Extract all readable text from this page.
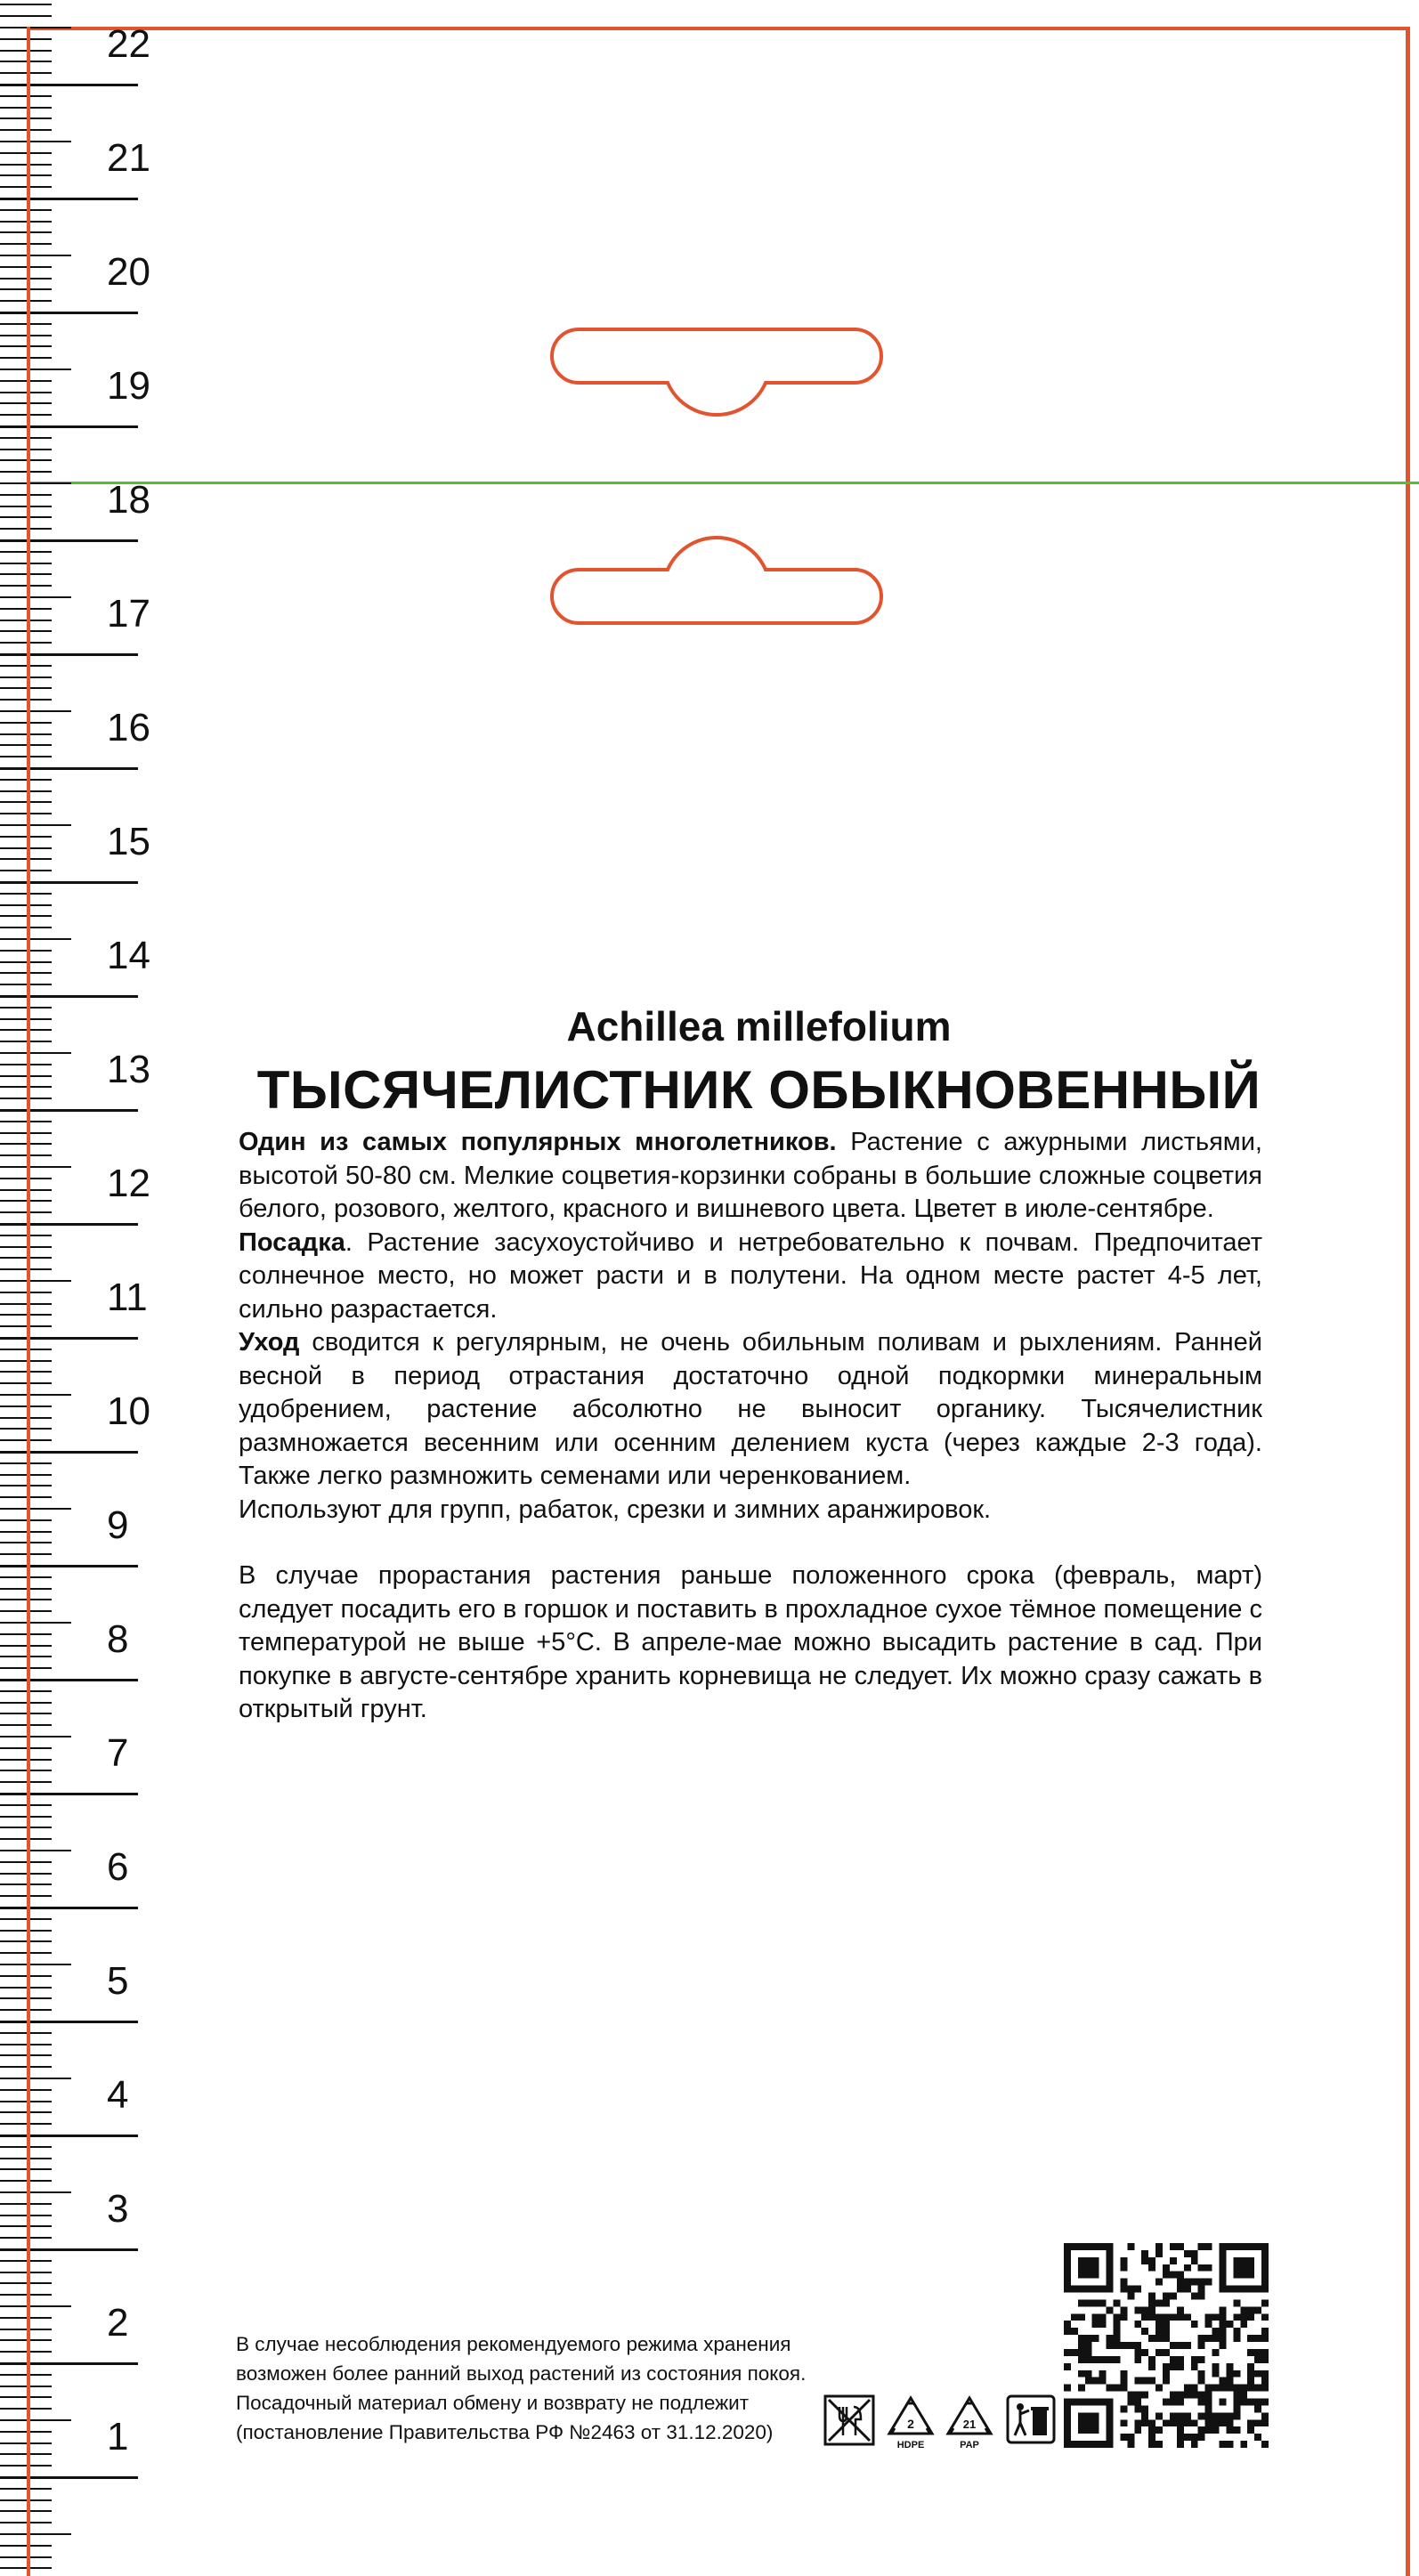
22
21
20
19
18
17
16
15
14
13
12
11
10
9
8
7
6
5
4
3
2
1
Achillea millefolium
ТЫСЯЧЕЛИСТНИК ОБЫКНОВЕННЫЙ

Один из самых популярных многолетников. Растение с ажурными листьями, высотой 50-80 см. Мелкие соцветия-корзинки собраны в большие сложные соцветия белого, розового, желтого, красного и вишневого цвета. Цветет в июле-сентябре.

Посадка. Растение засухоустойчиво и нетребовательно к почвам. Предпочитает солнечное место, но может расти и в полутени. На одном месте растет 4-5 лет, сильно разрастается.

Уход сводится к регулярным, не очень обильным поливам и рыхлениям. Ранней весной в период отрастания достаточно одной подкормки минеральным удобрением, растение абсолютно не выносит органику. Тысячелистник размножается весенним или осенним делением куста (через каждые 2-3 года). Также легко размножить семенами или черенкованием.

Используют для групп, рабаток, срезки и зимних аранжировок.

В случае прорастания растения раньше положенного срока (февраль, март) следует посадить его в горшок и поставить в прохладное сухое тёмное помещение с температурой не выше +5°С. В апреле-мае можно высадить растение в сад. При покупке в августе-сентябре хранить корневища не следует. Их можно сразу сажать в открытый грунт.

В случае несоблюдения рекомендуемого режима хранения
возможен более ранний выход растений из состояния покоя.
Посадочный материал обмену и возврату не подлежит
(постановление Правительства РФ №2463 от 31.12.2020)	2
HDPE
21
PAP
